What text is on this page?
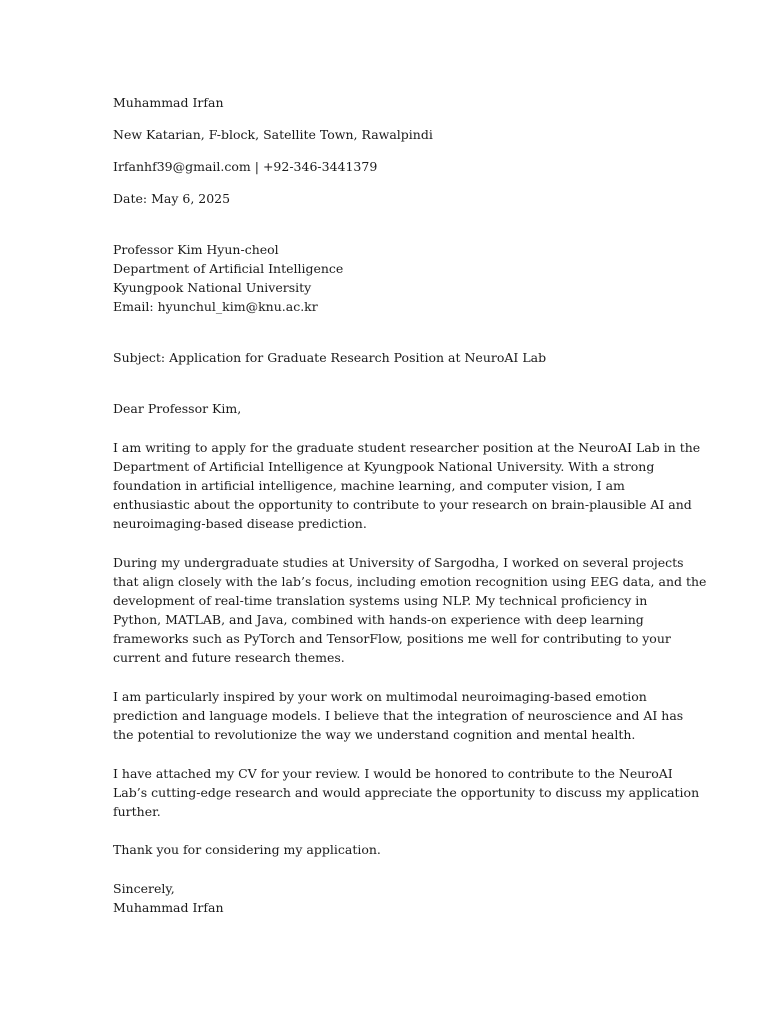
Muhammad Irfan
New Katarian, F-block, Satellite Town, Rawalpindi
Irfanhf39@gmail.com | +92-346-3441379
Date: May 6, 2025
Professor Kim Hyun-cheol
Department of Artificial Intelligence
Kyungpook National University
Email: hyunchul_kim@knu.ac.kr
Subject: Application for Graduate Research Position at NeuroAI Lab
Dear Professor Kim,
I am writing to apply for the graduate student researcher position at the NeuroAI Lab in the
Department of Artificial Intelligence at Kyungpook National University. With a strong
foundation in artificial intelligence, machine learning, and computer vision, I am
enthusiastic about the opportunity to contribute to your research on brain-plausible AI and
neuroimaging-based disease prediction.
During my undergraduate studies at University of Sargodha, I worked on several projects
that align closely with the lab’s focus, including emotion recognition using EEG data, and the
development of real-time translation systems using NLP. My technical proficiency in
Python, MATLAB, and Java, combined with hands-on experience with deep learning
frameworks such as PyTorch and TensorFlow, positions me well for contributing to your
current and future research themes.
I am particularly inspired by your work on multimodal neuroimaging-based emotion
prediction and language models. I believe that the integration of neuroscience and AI has
the potential to revolutionize the way we understand cognition and mental health.
I have attached my CV for your review. I would be honored to contribute to the NeuroAI
Lab’s cutting-edge research and would appreciate the opportunity to discuss my application
further.
Thank you for considering my application.
Sincerely,
Muhammad Irfan
